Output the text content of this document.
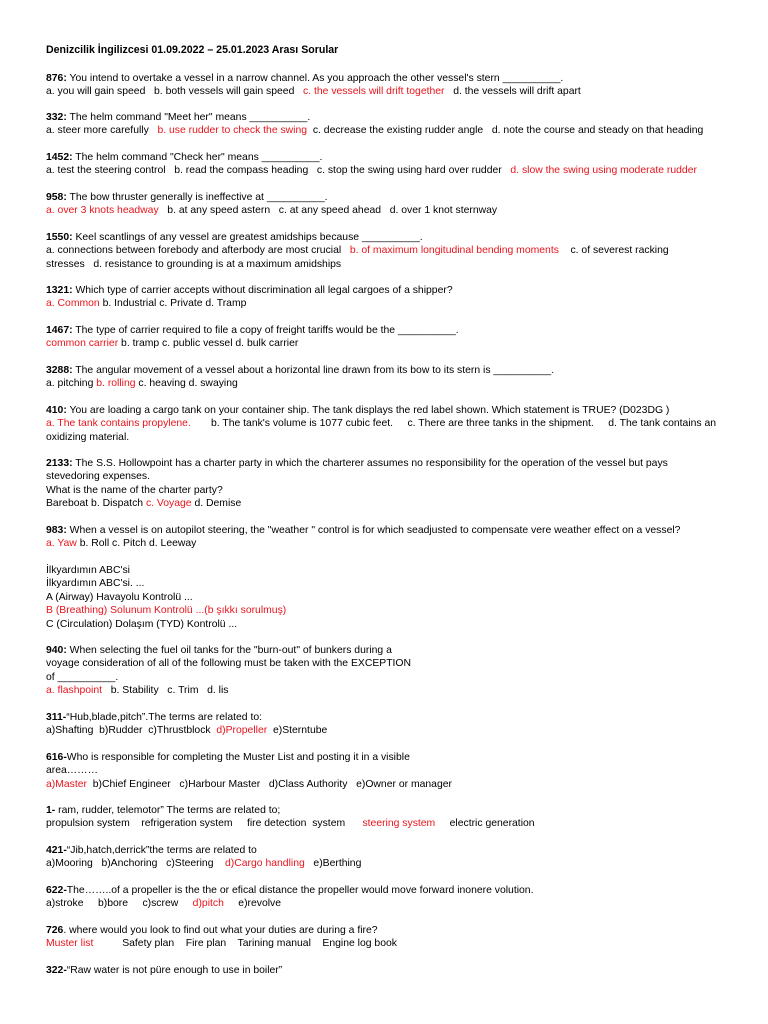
Denizcilik İngilizcesi 01.09.2022 – 25.01.2023 Arası Sorular

876: You intend to overtake a vessel in a narrow channel. As you approach the other vessel's stern __________.

a. you will gain speed   b. both vessels will gain speed   c. the vessels will drift together   d. the vessels will drift apart

332: The helm command "Meet her" means __________.

a. steer more carefully   b. use rudder to check the swing  c. decrease the existing rudder angle   d. note the course and steady on that heading

1452: The helm command "Check her" means __________.

a. test the steering control   b. read the compass heading   c. stop the swing using hard over rudder   d. slow the swing using moderate rudder

958: The bow thruster generally is ineffective at __________.

a. over 3 knots headway   b. at any speed astern   c. at any speed ahead   d. over 1 knot sternway

1550: Keel scantlings of any vessel are greatest amidships because __________.

a. connections between forebody and afterbody are most crucial   b. of maximum longitudinal bending moments    c. of severest racking

stresses   d. resistance to grounding is at a maximum amidships

1321: Which type of carrier accepts without discrimination all legal cargoes of a shipper?

a. Common b. Industrial c. Private d. Tramp

1467: The type of carrier required to file a copy of freight tariffs would be the __________.

common carrier b. tramp c. public vessel d. bulk carrier

3288: The angular movement of a vessel about a horizontal line drawn from its bow to its stern is __________.

a. pitching b. rolling c. heaving d. swaying

410: You are loading a cargo tank on your container ship. The tank displays the red label shown. Which statement is TRUE? (D023DG )

a. The tank contains propylene.       b. The tank's volume is 1077 cubic feet.     c. There are three tanks in the shipment.     d. The tank contains an

oxidizing material.

2133: The S.S. Hollowpoint has a charter party in which the charterer assumes no responsibility for the operation of the vessel but pays
stevedoring expenses.
What is the name of the charter party?

Bareboat b. Dispatch c. Voyage d. Demise

983: When a vessel is on autopilot steering, the "weather " control is for which seadjusted to compensate vere weather effect on a vessel?

a. Yaw b. Roll c. Pitch d. Leeway

İlkyardımın ABC'si
İlkyardımın ABC'si. ...
A (Airway) Havayolu Kontrolü ...

B (Breathing) Solunum Kontrolü ...(b şıkkı sorulmuş)

C (Circulation) Dolaşım (TYD) Kontrolü ...

940: When selecting the fuel oil tanks for the "burn-out" of bunkers during a
voyage consideration of all of the following must be taken with the EXCEPTION
of __________.

a. flashpoint   b. Stability   c. Trim   d. lis

311-“Hub,blade,pitch”.The terms are related to:

a)Shafting  b)Rudder  c)Thrustblock  d)Propeller  e)Sterntube

616-Who is responsible for completing the Muster List and posting it in a visible
area………

a)Master  b)Chief Engineer   c)Harbour Master   d)Class Authority   e)Owner or manager

1- ram, rudder, telemotor” The terms are related to;

propulsion system    refrigeration system     fire detection  system      steering system     electric generation

421-“Jib,hatch,derrick”the terms are related to

a)Mooring   b)Anchoring   c)Steering    d)Cargo handling   e)Berthing

622-The……..of a propeller is the the or efical distance the propeller would move forward inonere volution.

a)stroke     b)bore     c)screw     d)pitch     e)revolve

726. where would you look to find out what your duties are during a fire?

Muster list          Safety plan    Fire plan    Tarining manual    Engine log book

322-“Raw water is not püre enough to use in boiler”
